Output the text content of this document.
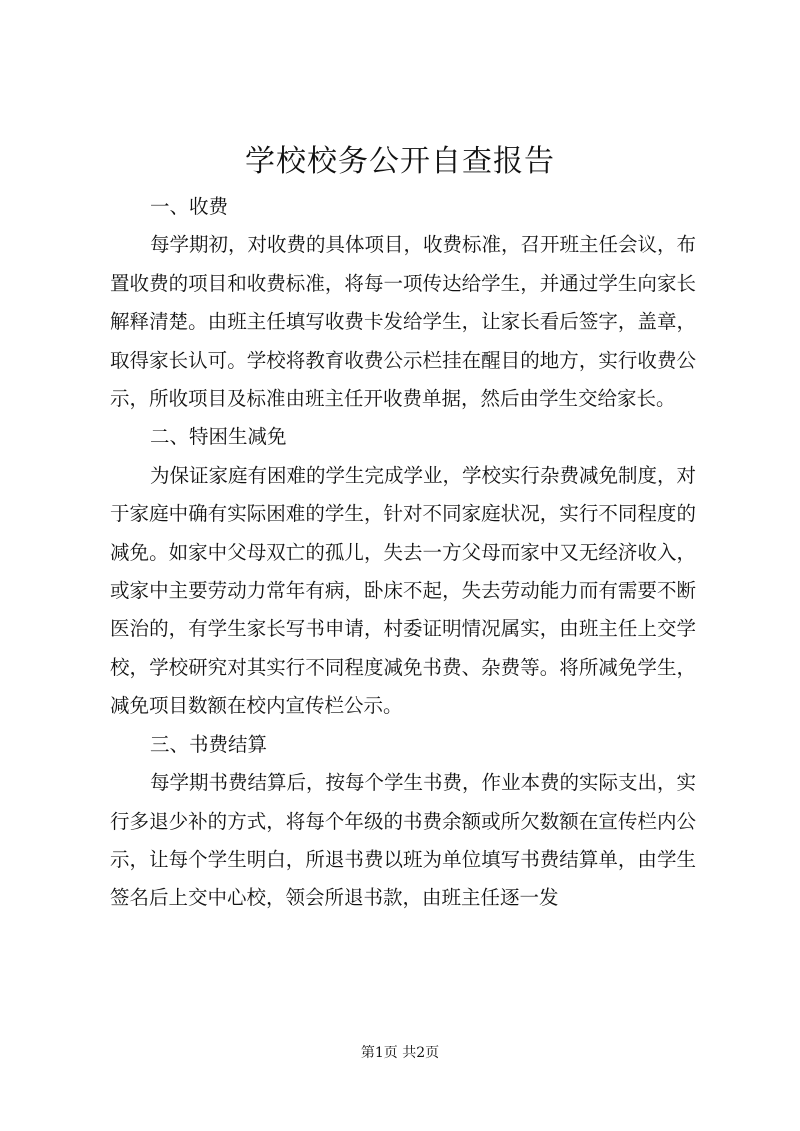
学校校务公开自查报告

一、收费

每学期初，对收费的具体项目，收费标准，召开班主任会议，布置收费的项目和收费标准，将每一项传达给学生，并通过学生向家长解释清楚。由班主任填写收费卡发给学生，让家长看后签字，盖章，取得家长认可。学校将教育收费公示栏挂在醒目的地方，实行收费公示，所收项目及标准由班主任开收费单据，然后由学生交给家长。

二、特困生减免

为保证家庭有困难的学生完成学业，学校实行杂费减免制度，对于家庭中确有实际困难的学生，针对不同家庭状况，实行不同程度的减免。如家中父母双亡的孤儿，失去一方父母而家中又无经济收入，或家中主要劳动力常年有病，卧床不起，失去劳动能力而有需要不断医治的，有学生家长写书申请，村委证明情况属实，由班主任上交学校，学校研究对其实行不同程度减免书费、杂费等。将所减免学生，减免项目数额在校内宣传栏公示。

三、书费结算

每学期书费结算后，按每个学生书费，作业本费的实际支出，实行多退少补的方式，将每个年级的书费余额或所欠数额在宣传栏内公示，让每个学生明白，所退书费以班为单位填写书费结算单，由学生签名后上交中心校，领会所退书款，由班主任逐一发

第1页 共2页
